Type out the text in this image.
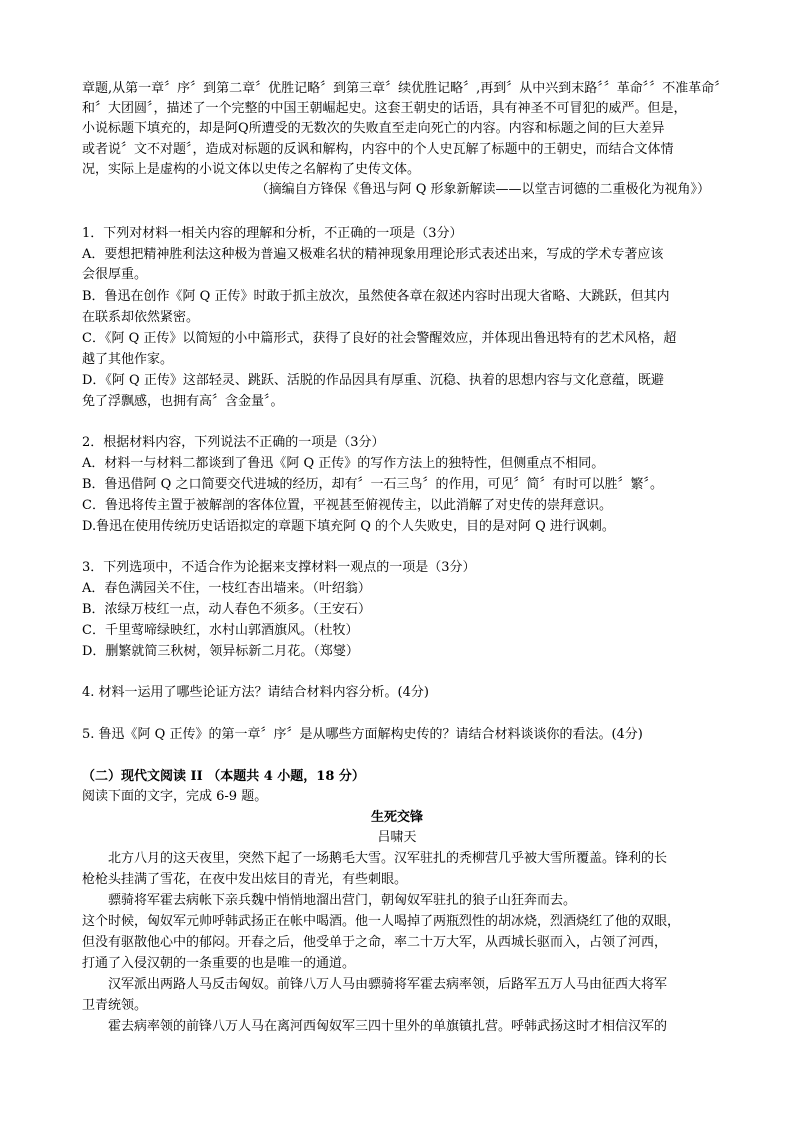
章题,从第一章〞序〞到第二章〞优胜记略〞到第三章〞续优胜记略〞,再到〞从中兴到末路〞〞革命〞〞不准革命〞
和〞大团圆〞，描述了一个完整的中国王朝崛起史。这套王朝史的话语，具有神圣不可冒犯的威严。但是，
小说标题下填充的，却是阿Q所遭受的无数次的失败直至走向死亡的内容。内容和标题之间的巨大差异
或者说〞文不对题〞，造成对标题的反讽和解构，内容中的个人史瓦解了标题中的王朝史，而结合文体情
况，实际上是虚构的小说文体以史传之名解构了史传文体。
（摘编自方锋保《鲁迅与阿 Q 形象新解读——以堂吉诃德的二重极化为视角》）
1．下列对材料一相关内容的理解和分析，不正确的一项是（3分）
A．要想把精神胜利法这种极为普遍又极难名状的精神现象用理论形式表述出来，写成的学术专著应该
会很厚重。
B．鲁迅在创作《阿 Q 正传》时敢于抓主放次，虽然使各章在叙述内容时出现大省略、大跳跃，但其内
在联系却依然紧密。
C．《阿 Q 正传》以简短的小中篇形式，获得了良好的社会警醒效应，并体现出鲁迅特有的艺术风格，超
越了其他作家。
D．《阿 Q 正传》这部轻灵、跳跃、活脱的作品因具有厚重、沉稳、执着的思想内容与文化意蕴，既避
免了浮飘感，也拥有高〞含金量〞。
2．根据材料内容，下列说法不正确的一项是（3分）
A．材料一与材料二都谈到了鲁迅《阿 Q 正传》的写作方法上的独特性，但侧重点不相同。
B．鲁迅借阿 Q 之口简要交代进城的经历，却有〞一石三鸟〞的作用，可见〞简〞有时可以胜〞繁〞。
C．鲁迅将传主置于被解剖的客体位置，平视甚至俯视传主，以此消解了对史传的崇拜意识。
D.鲁迅在使用传统历史话语拟定的章题下填充阿 Q 的个人失败史，目的是对阿 Q 进行讽刺。
3．下列选项中，不适合作为论据来支撑材料一观点的一项是（3分）
A．春色满园关不住，一枝红杏出墙来。（叶绍翁）
B．浓绿万枝红一点，动人春色不须多。（王安石）
C．千里莺啼绿映红，水村山郭酒旗风。（杜牧）
D．删繁就简三秋树，领异标新二月花。（郑燮）
4. 材料一运用了哪些论证方法？请结合材料内容分析。(4分)
5. 鲁迅《阿 Q 正传》的第一章〞序〞是从哪些方面解构史传的？请结合材料谈谈你的看法。(4分)
（二）现代文阅读 II （本题共 4 小题，18 分）
阅读下面的文字，完成 6-9 题。
生死交锋
吕啸天
北方八月的这天夜里，突然下起了一场鹅毛大雪。汉军驻扎的秃柳营几乎被大雪所覆盖。锋利的长
枪枪头挂满了雪花，在夜中发出炫目的青光，有些刺眼。
骠骑将军霍去病帐下亲兵魏中悄悄地溜出营门，朝匈奴军驻扎的狼子山狂奔而去。
这个时候，匈奴军元帅呼韩武扬正在帐中喝酒。他一人喝掉了两瓶烈性的胡冰烧，烈酒烧红了他的双眼，
但没有驱散他心中的郁闷。开春之后，他受单于之命，率二十万大军，从西城长驱而入，占领了河西，
打通了入侵汉朝的一条重要的也是唯一的通道。
汉军派出两路人马反击匈奴。前锋八万人马由骠骑将军霍去病率领，后路军五万人马由征西大将军
卫青统领。
霍去病率领的前锋八万人马在离河西匈奴军三四十里外的单旗镇扎营。呼韩武扬这时才相信汉军的
